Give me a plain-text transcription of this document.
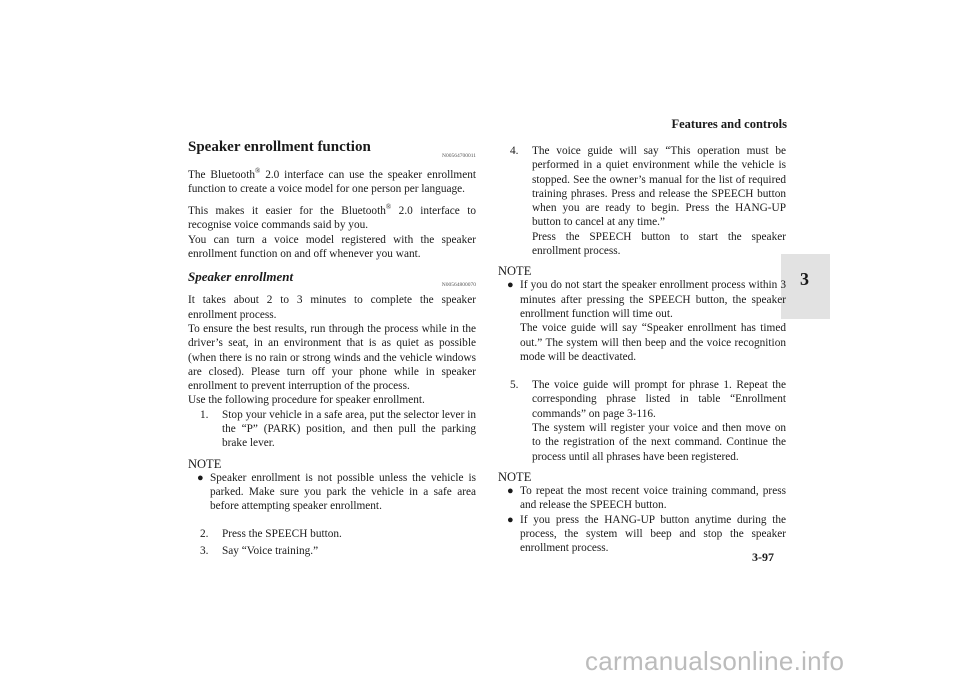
Features and controls
3
Speaker enrollment function
N00564700011

The Bluetooth® 2.0 interface can use the speaker enrollment function to create a voice model for one person per language.

This makes it easier for the Bluetooth® 2.0 interface to recognise voice commands said by you.

You can turn a voice model registered with the speaker enrollment function on and off whenever you want.

Speaker enrollment
N00564800070

It takes about 2 to 3 minutes to complete the speaker enrollment process.

To ensure the best results, run through the process while in the driver’s seat, in an environment that is as quiet as possible (when there is no rain or strong winds and the vehicle windows are closed). Please turn off your phone while in speaker enrollment to prevent interruption of the process.

Use the following procedure for speaker enrollment.

1. Stop your vehicle in a safe area, put the selector lever in the “P” (PARK) position, and then pull the parking brake lever.
NOTE
● Speaker enrollment is not possible unless the vehicle is parked. Make sure you park the vehicle in a safe area before attempting speaker enrollment.
2. Press the SPEECH button.
3. Say “Voice training.”
4. The voice guide will say “This operation must be performed in a quiet environment while the vehicle is stopped. See the owner’s manual for the list of required training phrases. Press and release the SPEECH button when you are ready to begin. Press the HANG-UP button to cancel at any time.”
Press the SPEECH button to start the speaker enrollment process.
NOTE
● If you do not start the speaker enrollment process within 3 minutes after pressing the SPEECH button, the speaker enrollment function will time out.
The voice guide will say “Speaker enrollment has timed out.” The system will then beep and the voice recognition mode will be deactivated.
5. The voice guide will prompt for phrase 1. Repeat the corresponding phrase listed in table “Enrollment commands” on page 3-116.
The system will register your voice and then move on to the registration of the next command. Continue the process until all phrases have been registered.
NOTE
● To repeat the most recent voice training command, press and release the SPEECH button.
● If you press the HANG-UP button anytime during the process, the system will beep and stop the speaker enrollment process.
3-97
carmanualsonline.info
